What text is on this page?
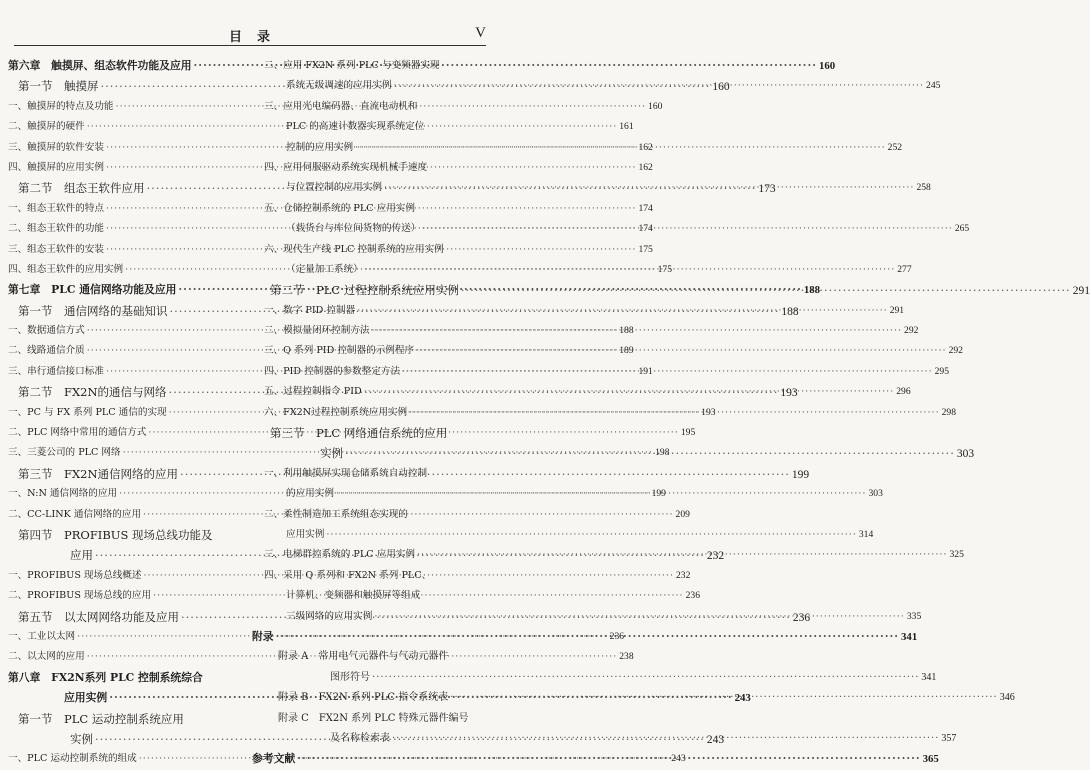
目　录	V
第六章　触摸屏、组态软件功能及应用 ·····	160
第一节　触摸屏 ·····	160
一、触摸屏的特点及功能 ·····	160
二、触摸屏的硬件 ·····	161
三、触摸屏的软件安装 ·····	162
四、触摸屏的应用实例 ·····	162
第二节　组态王软件应用 ·····	173
一、组态王软件的特点 ·····	174
二、组态王软件的功能 ·····	174
三、组态王软件的安装 ·····	175
四、组态王软件的应用实例 ·····	175
第七章　PLC 通信网络功能及应用 ·····	188
第一节　通信网络的基础知识 ·····	188
一、数据通信方式 ·····	188
二、线路通信介质 ·····	189
三、串行通信接口标准 ·····	191
第二节　FX2N的通信与网络 ·····	193
一、PC 与 FX 系列 PLC 通信的实现 ·····	193
二、PLC 网络中常用的通信方式 ·····	195
三、三菱公司的 PLC 网络 ·····	198
第三节　FX2N通信网络的应用 ·····	199
一、N:N 通信网络的应用 ·····	199
二、CC-LINK 通信网络的应用 ·····	209
第四节　PROFIBUS 现场总线功能及
应用 ·····	232
一、PROFIBUS 现场总线概述 ·····	232
二、PROFIBUS 现场总线的应用 ·····	236
第五节　以太网网络功能及应用 ·····	236
一、工业以太网 ·····	236
二、以太网的应用 ·····	238
第八章　FX2N系列 PLC 控制系统综合
应用实例 ·····	243
第一节　PLC 运动控制系统应用
实例 ·····	243
一、PLC 运动控制系统的组成 ·····	243
二、应用 FX2N 系列 PLC 与变频器实现
系统无级调速的应用实例 ·····	245
三、应用光电编码器、直流电动机和
PLC 的高速计数器实现系统定位
控制的应用实例 ·····	252
四、应用伺服驱动系统实现机械手速度
与位置控制的应用实例 ·····	258
五、仓储控制系统的 PLC 应用实例
（载货台与库位间货物的传送） ·····	265
六、现代生产线 PLC 控制系统的应用实例
（定量加工系统） ·····	277
第二节　PLC 过程控制系统应用实例 ·····	291
一、数字 PID 控制器 ·····	291
二、模拟量闭环控制方法 ·····	292
三、Q 系列 PID 控制器的示例程序 ·····	292
四、PID 控制器的参数整定方法 ·····	295
五、过程控制指令 PID ·····	296
六、FX2N过程控制系统应用实例 ·····	298
第三节　PLC 网络通信系统的应用
实例 ·····	303
一、利用触摸屏实现仓储系统自动控制
的应用实例 ·····	303
二、柔性制造加工系统组态实现的
应用实例 ·····	314
三、电梯群控系统的 PLC 应用实例 ·····	325
四、采用 Q 系列和 FX2N 系列 PLC、
计算机、变频器和触摸屏等组成
三级网络的应用实例 ·····	335
附录 ·····	341
附录 A　常用电气元器件与气动元器件
图形符号 ·····	341
附录 B　FX2N 系列 PLC 指令系统表 ·····	346
附录 C　FX2N 系列 PLC 特殊元器件编号
及名称检索表 ·····	357
参考文献 ·····	365
